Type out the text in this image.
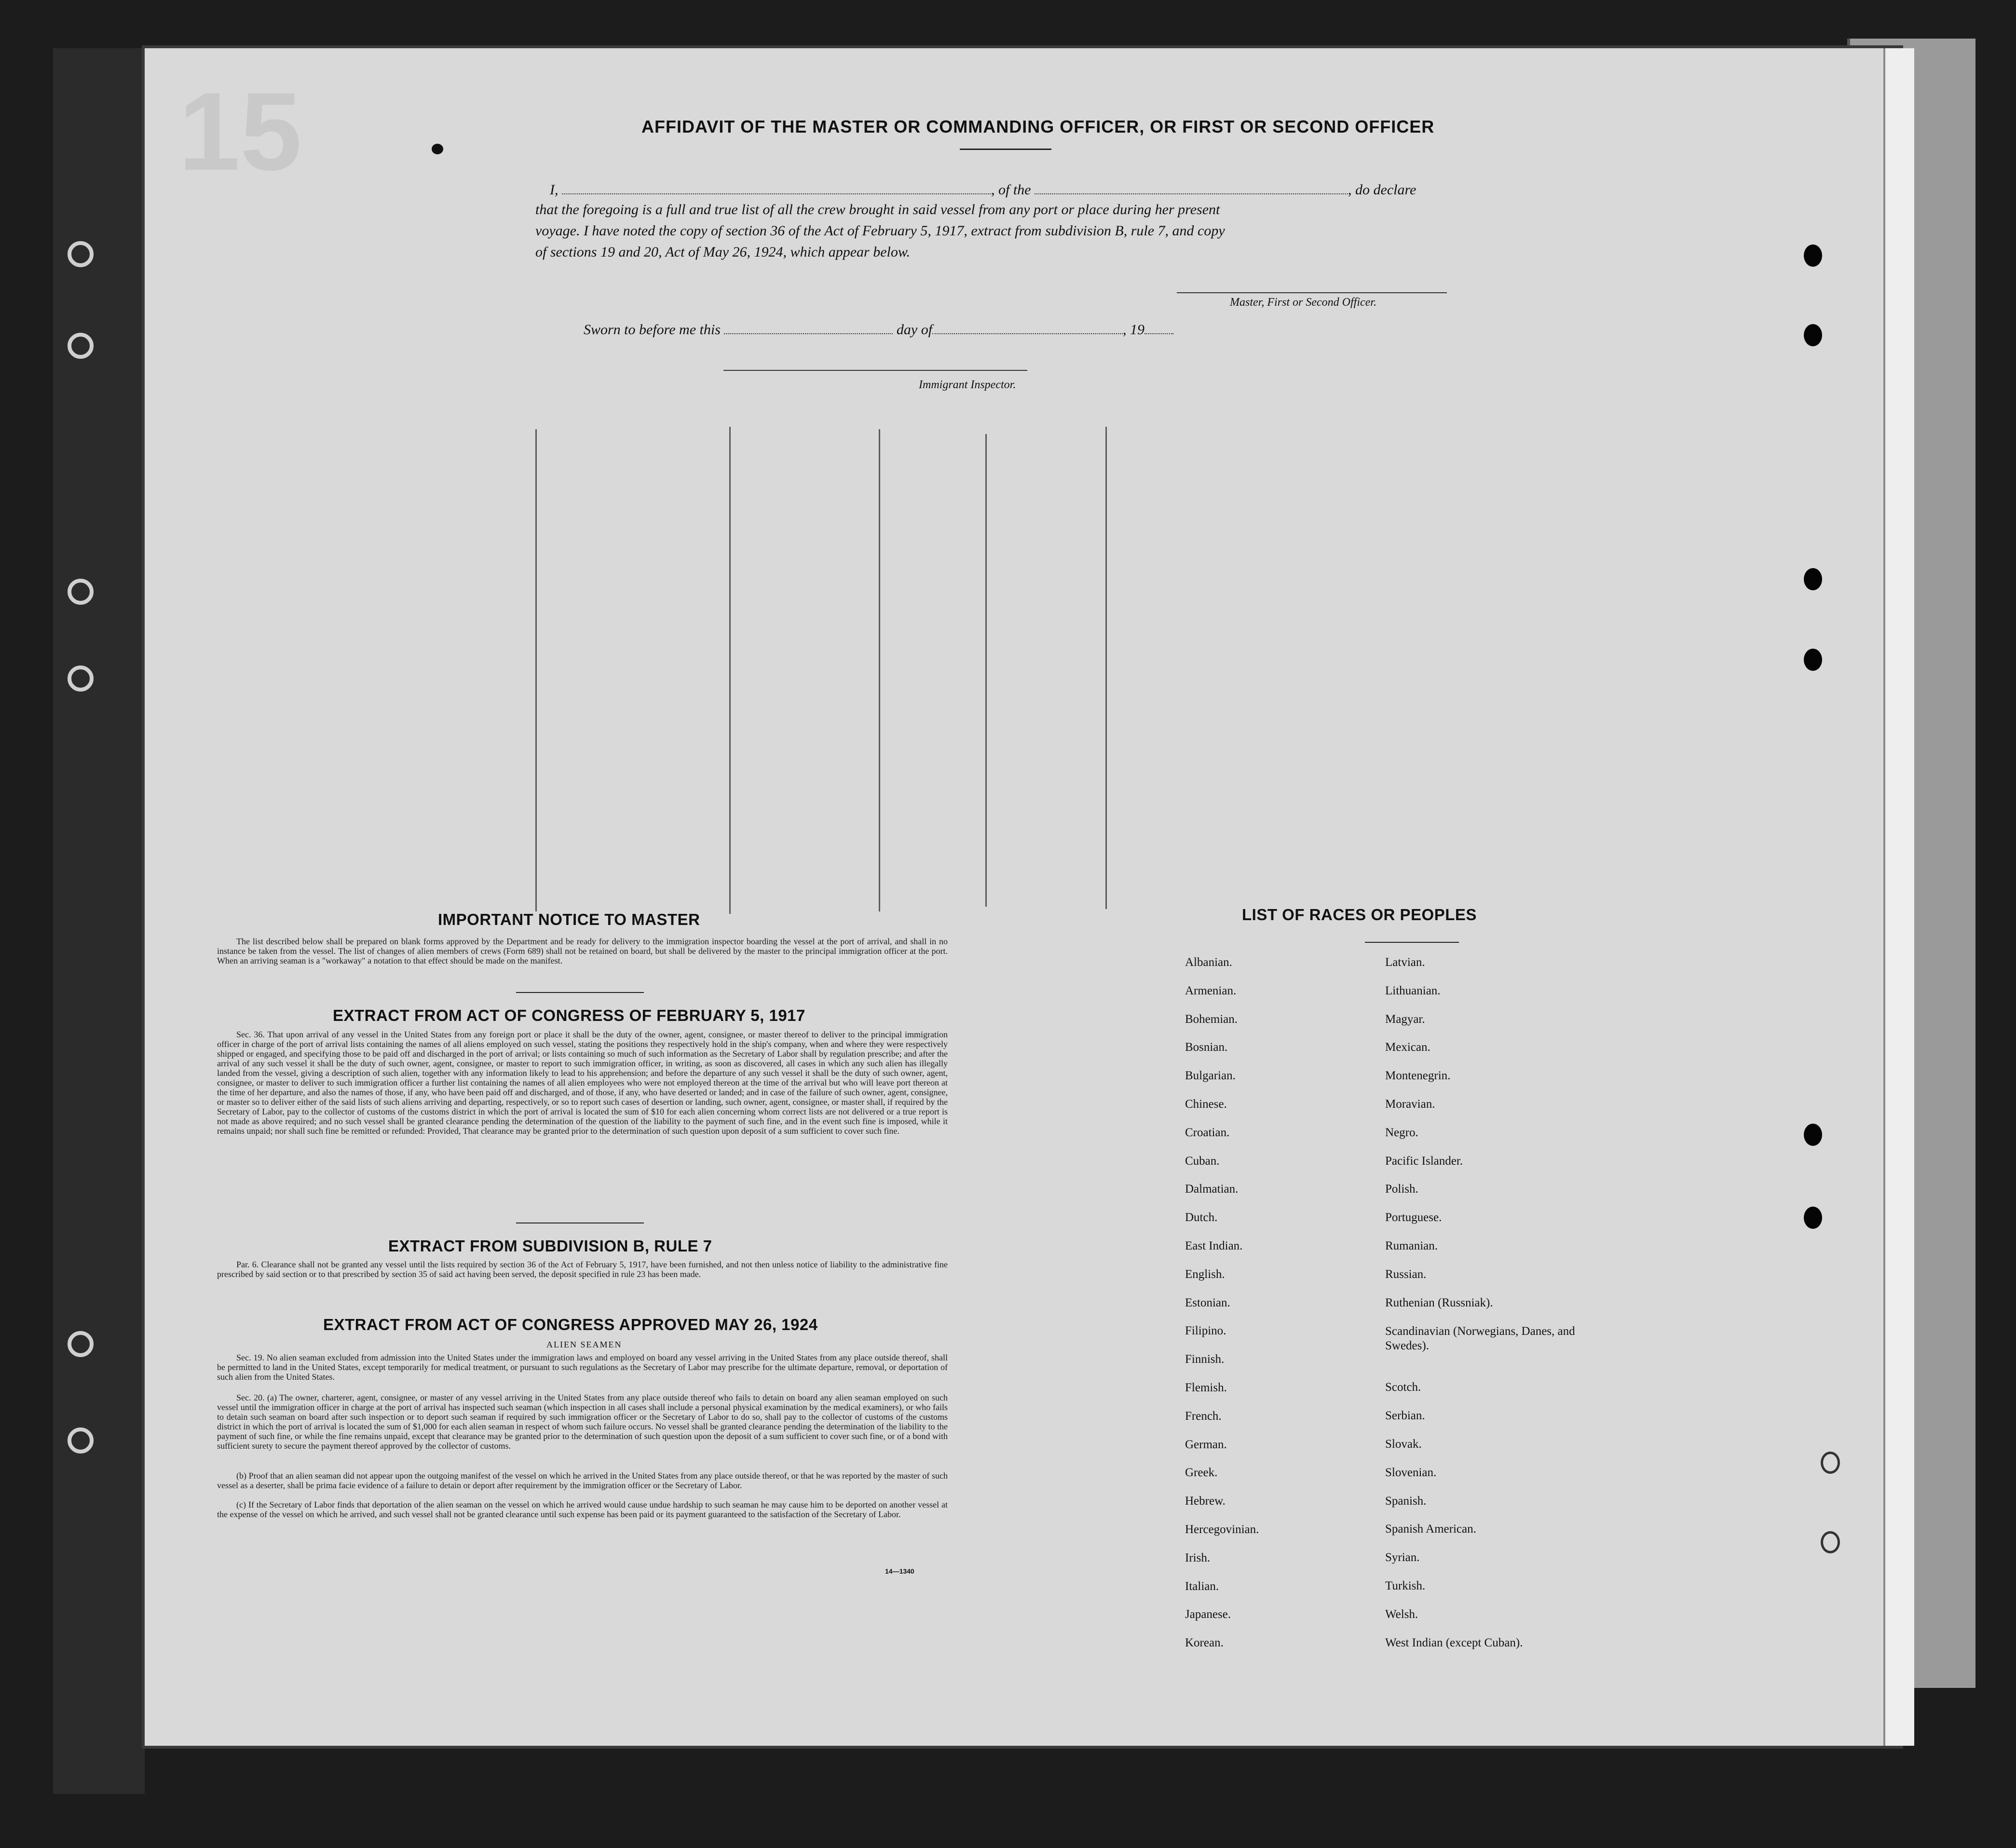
15	AFFIDAVIT OF THE MASTER OR COMMANDING OFFICER, OR FIRST OR SECOND OFFICER
I,	, of the	, do declare
that the foregoing is a full and true list of all the crew brought in said vessel from any port or place during her present
voyage. I have noted the copy of section 36 of the Act of February 5, 1917, extract from subdivision B, rule 7, and copy
of sections 19 and 20, Act of May 26, 1924, which appear below.
Master, First or Second Officer.
Sworn to before me this	day of	, 19
Immigrant Inspector.
IMPORTANT NOTICE TO MASTER
The list described below shall be prepared on blank forms approved by the Department and be ready for delivery to the immigration inspector boarding the vessel at the port of arrival, and shall in no instance be taken from the vessel. The list of changes of alien members of crews (Form 689) shall not be retained on board, but shall be delivered by the master to the principal immigration officer at the port. When an arriving seaman is a "workaway" a notation to that effect should be made on the manifest.
EXTRACT FROM ACT OF CONGRESS OF FEBRUARY 5, 1917
Sec. 36. That upon arrival of any vessel in the United States from any foreign port or place it shall be the duty of the owner, agent, consignee, or master thereof to deliver to the principal immigration officer in charge of the port of arrival lists containing the names of all aliens employed on such vessel, stating the positions they respectively hold in the ship's company, when and where they were respectively shipped or engaged, and specifying those to be paid off and discharged in the port of arrival; or lists containing so much of such information as the Secretary of Labor shall by regulation prescribe; and after the arrival of any such vessel it shall be the duty of such owner, agent, consignee, or master to report to such immigration officer, in writing, as soon as discovered, all cases in which any such alien has illegally landed from the vessel, giving a description of such alien, together with any information likely to lead to his apprehension; and before the departure of any such vessel it shall be the duty of such owner, agent, consignee, or master to deliver to such immigration officer a further list containing the names of all alien employees who were not employed thereon at the time of the arrival but who will leave port thereon at the time of her departure, and also the names of those, if any, who have been paid off and discharged, and of those, if any, who have deserted or landed; and in case of the failure of such owner, agent, consignee, or master so to deliver either of the said lists of such aliens arriving and departing, respectively, or so to report such cases of desertion or landing, such owner, agent, consignee, or master shall, if required by the Secretary of Labor, pay to the collector of customs of the customs district in which the port of arrival is located the sum of $10 for each alien concerning whom correct lists are not delivered or a true report is not made as above required; and no such vessel shall be granted clearance pending the determination of the question of the liability to the payment of such fine, and in the event such fine is imposed, while it remains unpaid; nor shall such fine be remitted or refunded: Provided, That clearance may be granted prior to the determination of such question upon deposit of a sum sufficient to cover such fine.
EXTRACT FROM SUBDIVISION B, RULE 7
Par. 6. Clearance shall not be granted any vessel until the lists required by section 36 of the Act of February 5, 1917, have been furnished, and not then unless notice of liability to the administrative fine prescribed by said section or to that prescribed by section 35 of said act having been served, the deposit specified in rule 23 has been made.
EXTRACT FROM ACT OF CONGRESS APPROVED MAY 26, 1924
ALIEN SEAMEN
Sec. 19. No alien seaman excluded from admission into the United States under the immigration laws and employed on board any vessel arriving in the United States from any place outside thereof, shall be permitted to land in the United States, except temporarily for medical treatment, or pursuant to such regulations as the Secretary of Labor may prescribe for the ultimate departure, removal, or deportation of such alien from the United States.
Sec. 20. (a) The owner, charterer, agent, consignee, or master of any vessel arriving in the United States from any place outside thereof who fails to detain on board any alien seaman employed on such vessel until the immigration officer in charge at the port of arrival has inspected such seaman (which inspection in all cases shall include a personal physical examination by the medical examiners), or who fails to detain such seaman on board after such inspection or to deport such seaman if required by such immigration officer or the Secretary of Labor to do so, shall pay to the collector of customs of the customs district in which the port of arrival is located the sum of $1,000 for each alien seaman in respect of whom such failure occurs. No vessel shall be granted clearance pending the determination of the liability to the payment of such fine, or while the fine remains unpaid, except that clearance may be granted prior to the determination of such question upon the deposit of a sum sufficient to cover such fine, or of a bond with sufficient surety to secure the payment thereof approved by the collector of customs.
(b) Proof that an alien seaman did not appear upon the outgoing manifest of the vessel on which he arrived in the United States from any place outside thereof, or that he was reported by the master of such vessel as a deserter, shall be prima facie evidence of a failure to detain or deport after requirement by the immigration officer or the Secretary of Labor.
(c) If the Secretary of Labor finds that deportation of the alien seaman on the vessel on which he arrived would cause undue hardship to such seaman he may cause him to be deported on another vessel at the expense of the vessel on which he arrived, and such vessel shall not be granted clearance until such expense has been paid or its payment guaranteed to the satisfaction of the Secretary of Labor.
14—1340
LIST OF RACES OR PEOPLES
Albanian.
Armenian.
Bohemian.
Bosnian.
Bulgarian.
Chinese.
Croatian.
Cuban.
Dalmatian.
Dutch.
East Indian.
English.
Estonian.
Filipino.
Finnish.
Flemish.
French.
German.
Greek.
Hebrew.
Hercegovinian.
Irish.
Italian.
Japanese.
Korean.
Latvian.
Lithuanian.
Magyar.
Mexican.
Montenegrin.
Moravian.
Negro.
Pacific Islander.
Polish.
Portuguese.
Rumanian.
Russian.
Ruthenian (Russniak).
Scandinavian (Norwegians, Danes, and Swedes).
Scotch.
Serbian.
Slovak.
Slovenian.
Spanish.
Spanish American.
Syrian.
Turkish.
Welsh.
West Indian (except Cuban).
